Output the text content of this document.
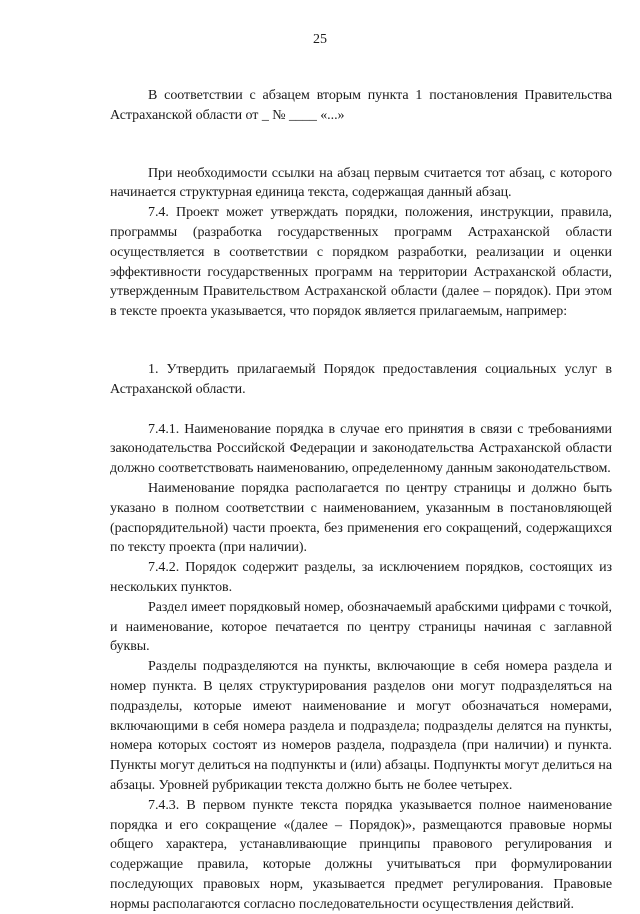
25

В соответствии с абзацем вторым пункта 1 постановления Правительства Астраханской области от _ № ____ «...»

При необходимости ссылки на абзац первым считается тот абзац, с которого начинается структурная единица текста, содержащая данный абзац.

7.4. Проект может утверждать порядки, положения, инструкции, правила, программы (разработка государственных программ Астраханской области осуществляется в соответствии с порядком разработки, реализации и оценки эффективности государственных программ на территории Астраханской области, утвержденным Правительством Астраханской области (далее – порядок). При этом в тексте проекта указывается, что порядок является прилагаемым, например:

1. Утвердить прилагаемый Порядок предоставления социальных услуг в Астраханской области.

7.4.1. Наименование порядка в случае его принятия в связи с требованиями законодательства Российской Федерации и законодательства Астраханской области должно соответствовать наименованию, определенному данным законодательством.

Наименование порядка располагается по центру страницы и должно быть указано в полном соответствии с наименованием, указанным в постановляющей (распорядительной) части проекта, без применения его сокращений, содержащихся по тексту проекта (при наличии).

7.4.2. Порядок содержит разделы, за исключением порядков, состоящих из нескольких пунктов.

Раздел имеет порядковый номер, обозначаемый арабскими цифрами с точкой, и наименование, которое печатается по центру страницы начиная с заглавной буквы.

Разделы подразделяются на пункты, включающие в себя номера раздела и номер пункта. В целях структурирования разделов они могут подразделяться на подразделы, которые имеют наименование и могут обозначаться номерами, включающими в себя номера раздела и подраздела; подразделы делятся на пункты, номера которых состоят из номеров раздела, подраздела (при наличии) и пункта. Пункты могут делиться на подпункты и (или) абзацы. Подпункты могут делиться на абзацы. Уровней рубрикации текста должно быть не более четырех.

7.4.3. В первом пункте текста порядка указывается полное наименование порядка и его сокращение «(далее – Порядок)», размещаются правовые нормы общего характера, устанавливающие принципы правового регулирования и содержащие правила, которые должны учитываться при формулировании последующих правовых норм, указывается предмет регулирования. Правовые нормы располагаются согласно последовательности осуществления действий.
